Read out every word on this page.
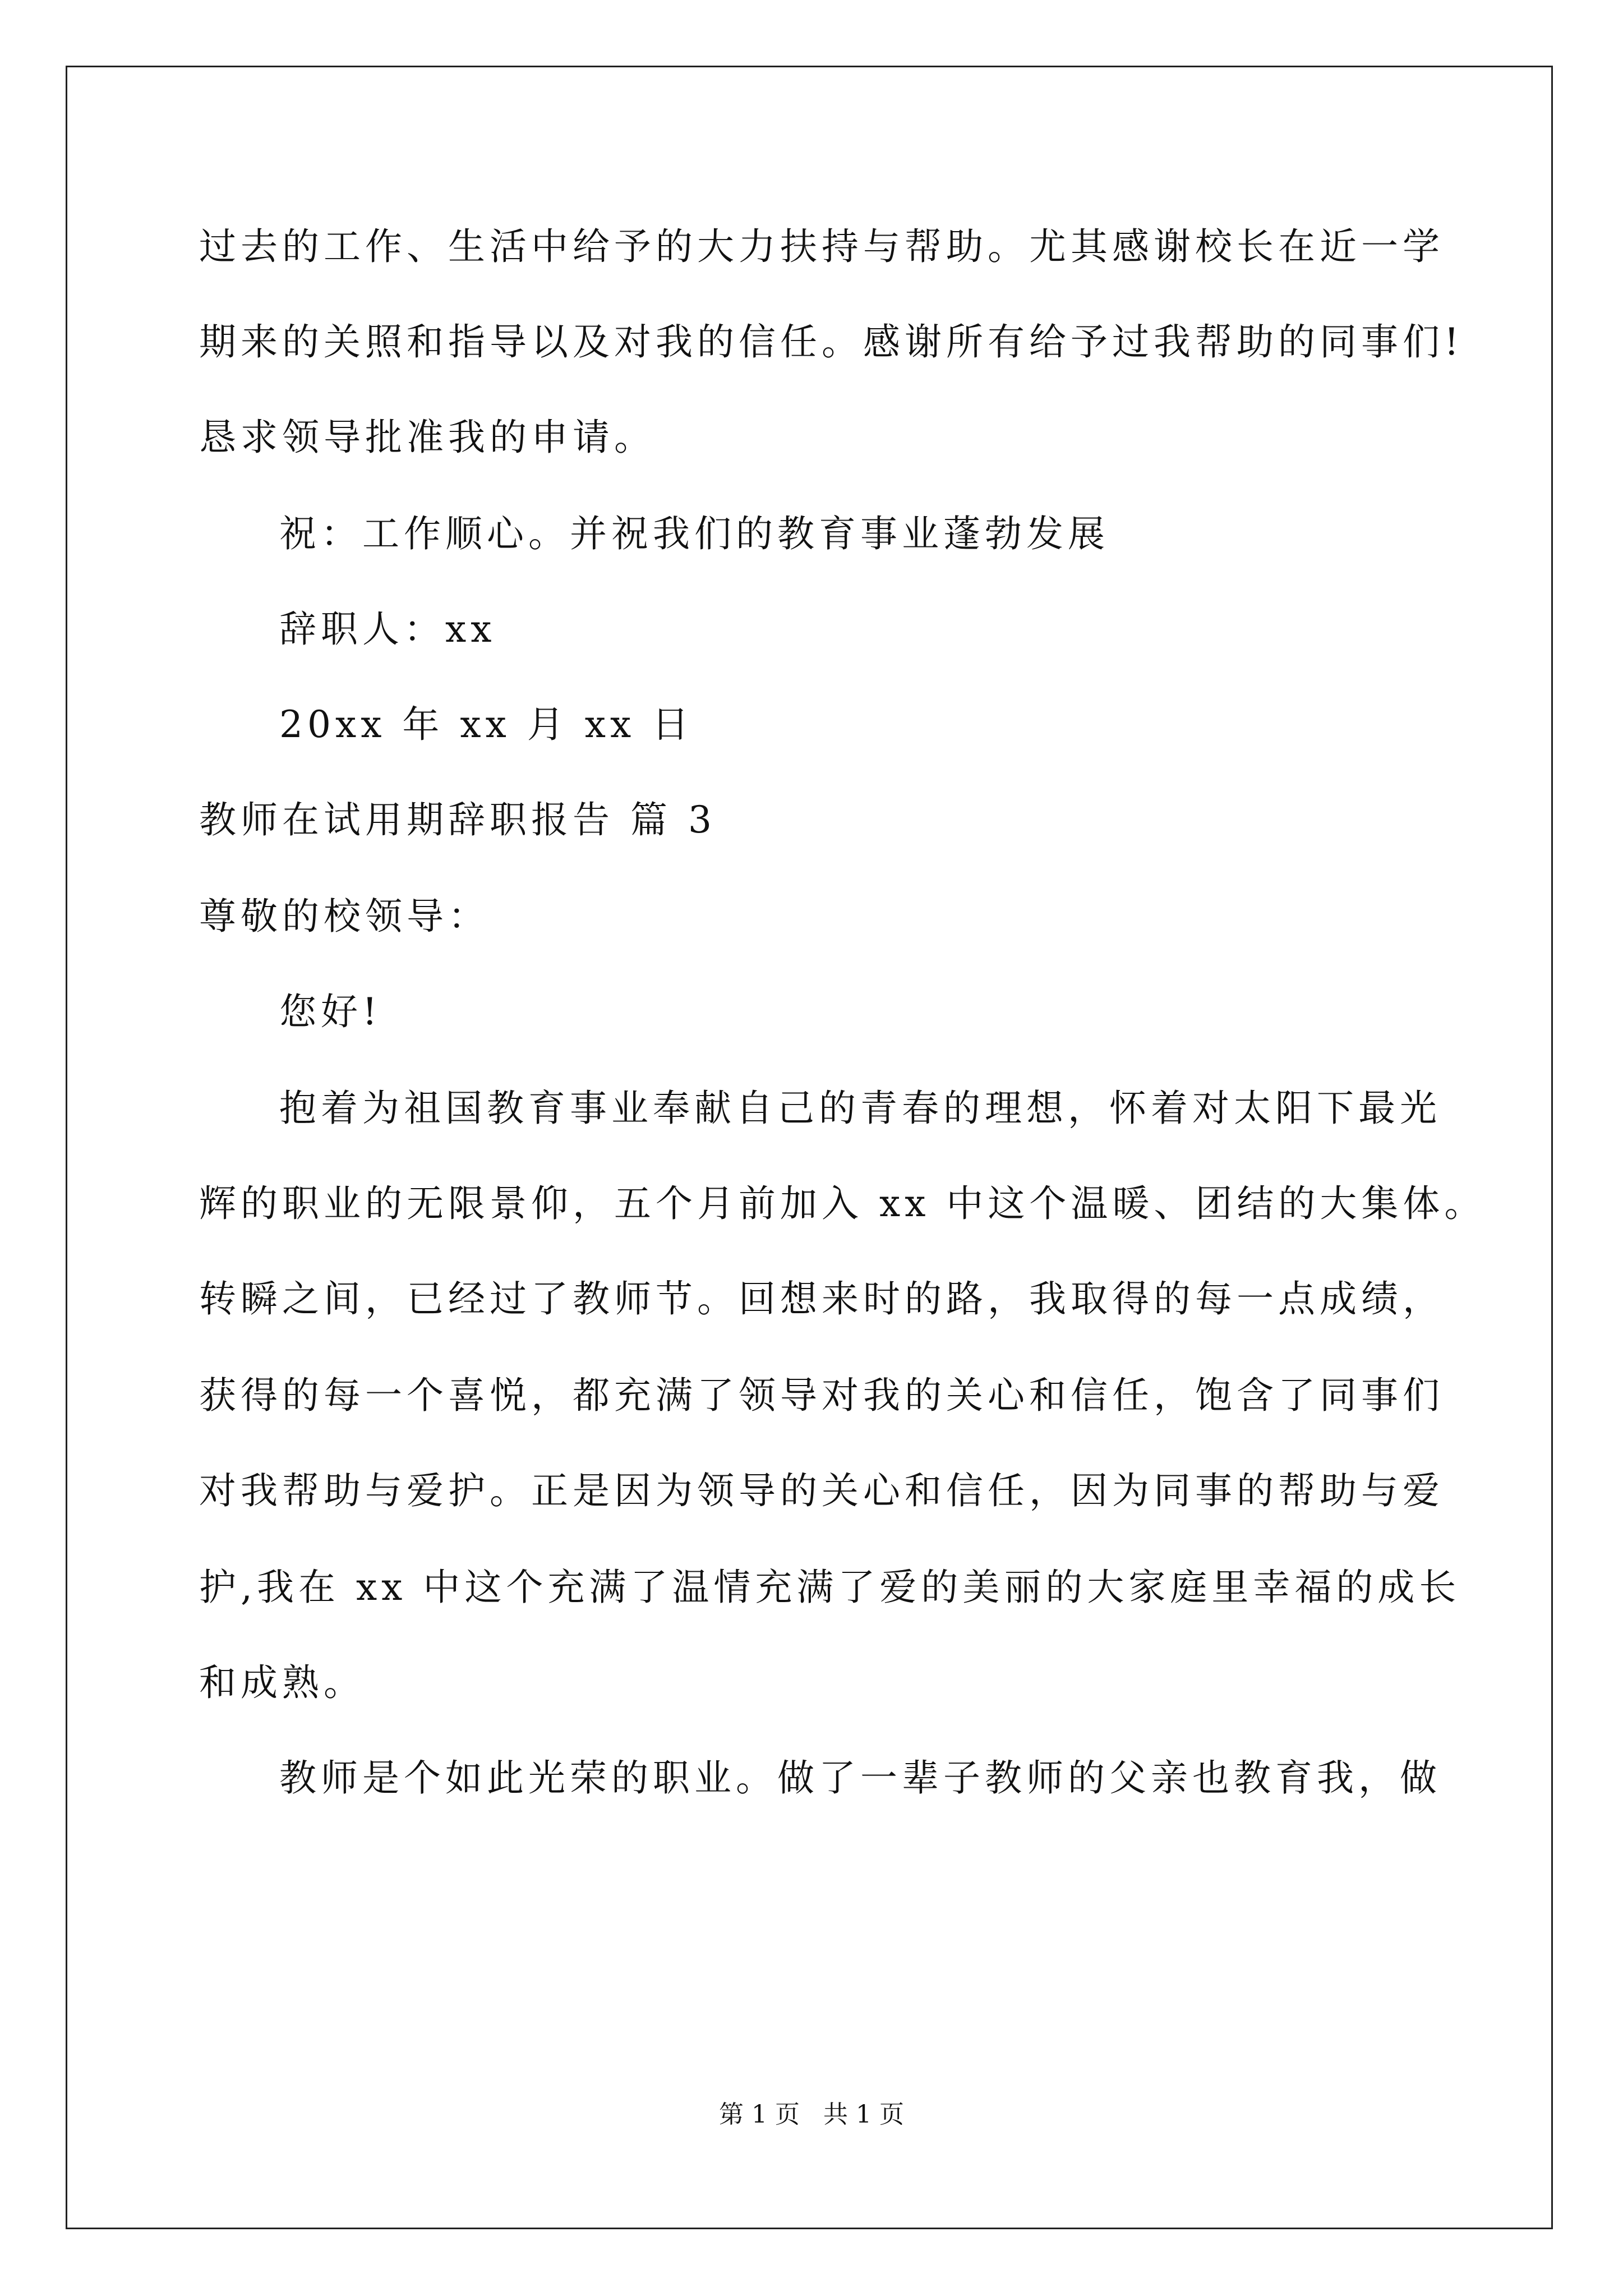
过去的工作、生活中给予的大力扶持与帮助。尤其感谢校长在近一学

期来的关照和指导以及对我的信任。感谢所有给予过我帮助的同事们!

恳求领导批准我的申请。

祝：工作顺心。并祝我们的教育事业蓬勃发展

辞职人：xx

20xx 年 xx 月 xx 日

教师在试用期辞职报告 篇 3

尊敬的校领导：

您好!

抱着为祖国教育事业奉献自己的青春的理想，怀着对太阳下最光

辉的职业的无限景仰，五个月前加入 xx 中这个温暖、团结的大集体。

转瞬之间，已经过了教师节。回想来时的路，我取得的每一点成绩，

获得的每一个喜悦，都充满了领导对我的关心和信任，饱含了同事们

对我帮助与爱护。正是因为领导的关心和信任，因为同事的帮助与爱

护,我在 xx 中这个充满了温情充满了爱的美丽的大家庭里幸福的成长

和成熟。

教师是个如此光荣的职业。做了一辈子教师的父亲也教育我，做

第 1 页   共 1 页
